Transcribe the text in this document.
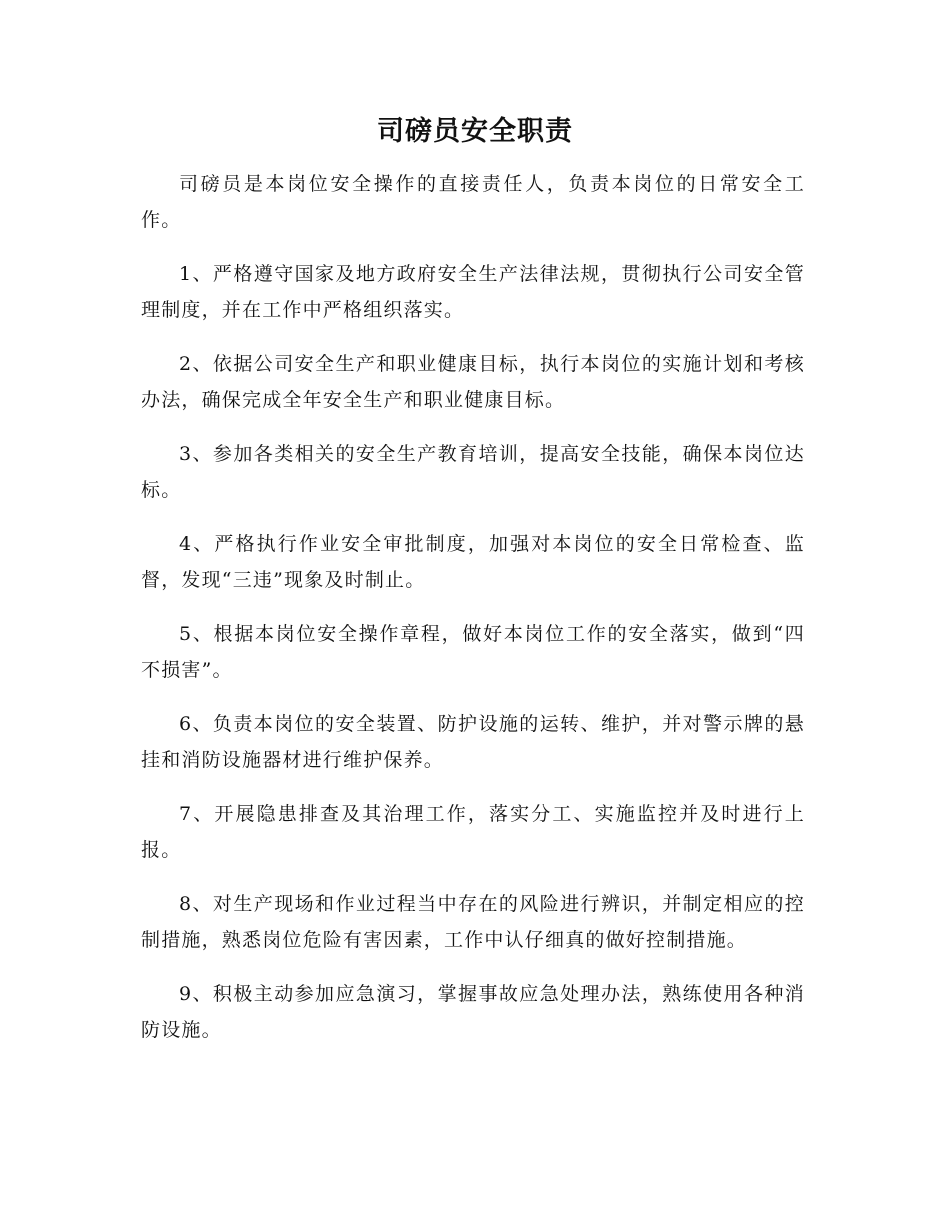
司磅员安全职责

司磅员是本岗位安全操作的直接责任人，负责本岗位的日常安全工作。

1、严格遵守国家及地方政府安全生产法律法规，贯彻执行公司安全管理制度，并在工作中严格组织落实。

2、依据公司安全生产和职业健康目标，执行本岗位的实施计划和考核办法，确保完成全年安全生产和职业健康目标。

3、参加各类相关的安全生产教育培训，提高安全技能，确保本岗位达标。

4、严格执行作业安全审批制度，加强对本岗位的安全日常检查、监督，发现“三违”现象及时制止。

5、根据本岗位安全操作章程，做好本岗位工作的安全落实，做到“四不损害”。

6、负责本岗位的安全装置、防护设施的运转、维护，并对警示牌的悬挂和消防设施器材进行维护保养。

7、开展隐患排查及其治理工作，落实分工、实施监控并及时进行上报。

8、对生产现场和作业过程当中存在的风险进行辨识，并制定相应的控制措施，熟悉岗位危险有害因素，工作中认仔细真的做好控制措施。

9、积极主动参加应急演习，掌握事故应急处理办法，熟练使用各种消防设施。
